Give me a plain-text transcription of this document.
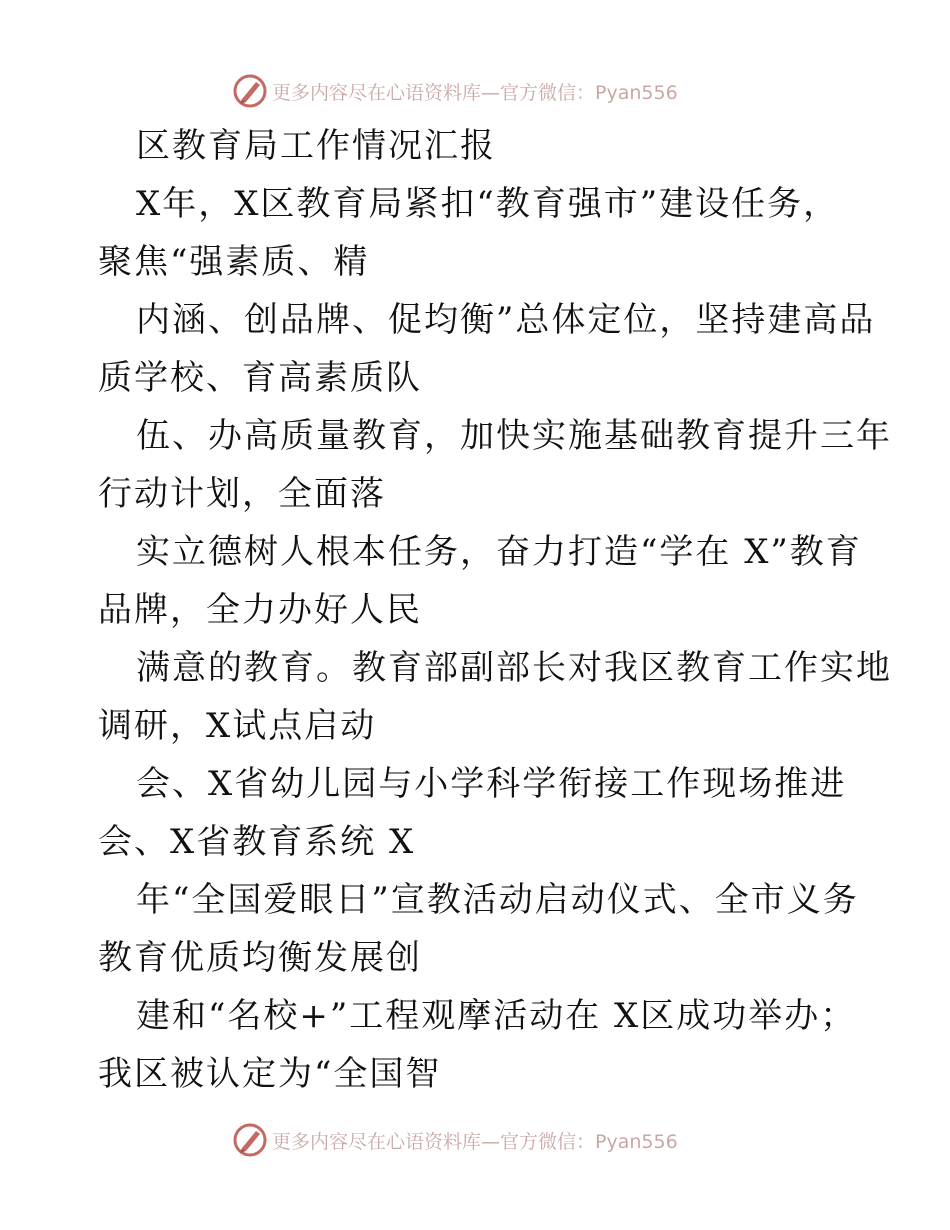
更多内容尽在心语资料库—官方微信：Pyan556
区教育局工作情况汇报
X年，X区教育局紧扣“教育强市”建设任务，
聚焦“强素质、精
内涵、创品牌、促均衡”总体定位，坚持建高品
质学校、育高素质队
伍、办高质量教育，加快实施基础教育提升三年
行动计划，全面落
实立德树人根本任务，奋力打造“学在 X”教育
品牌，全力办好人民
满意的教育。教育部副部长对我区教育工作实地
调研，X试点启动
会、X省幼儿园与小学科学衔接工作现场推进
会、X省教育系统 X
年“全国爱眼日”宣教活动启动仪式、全市义务
教育优质均衡发展创
建和“名校+”工程观摩活动在 X区成功举办；
我区被认定为“全国智
更多内容尽在心语资料库—官方微信：Pyan556
